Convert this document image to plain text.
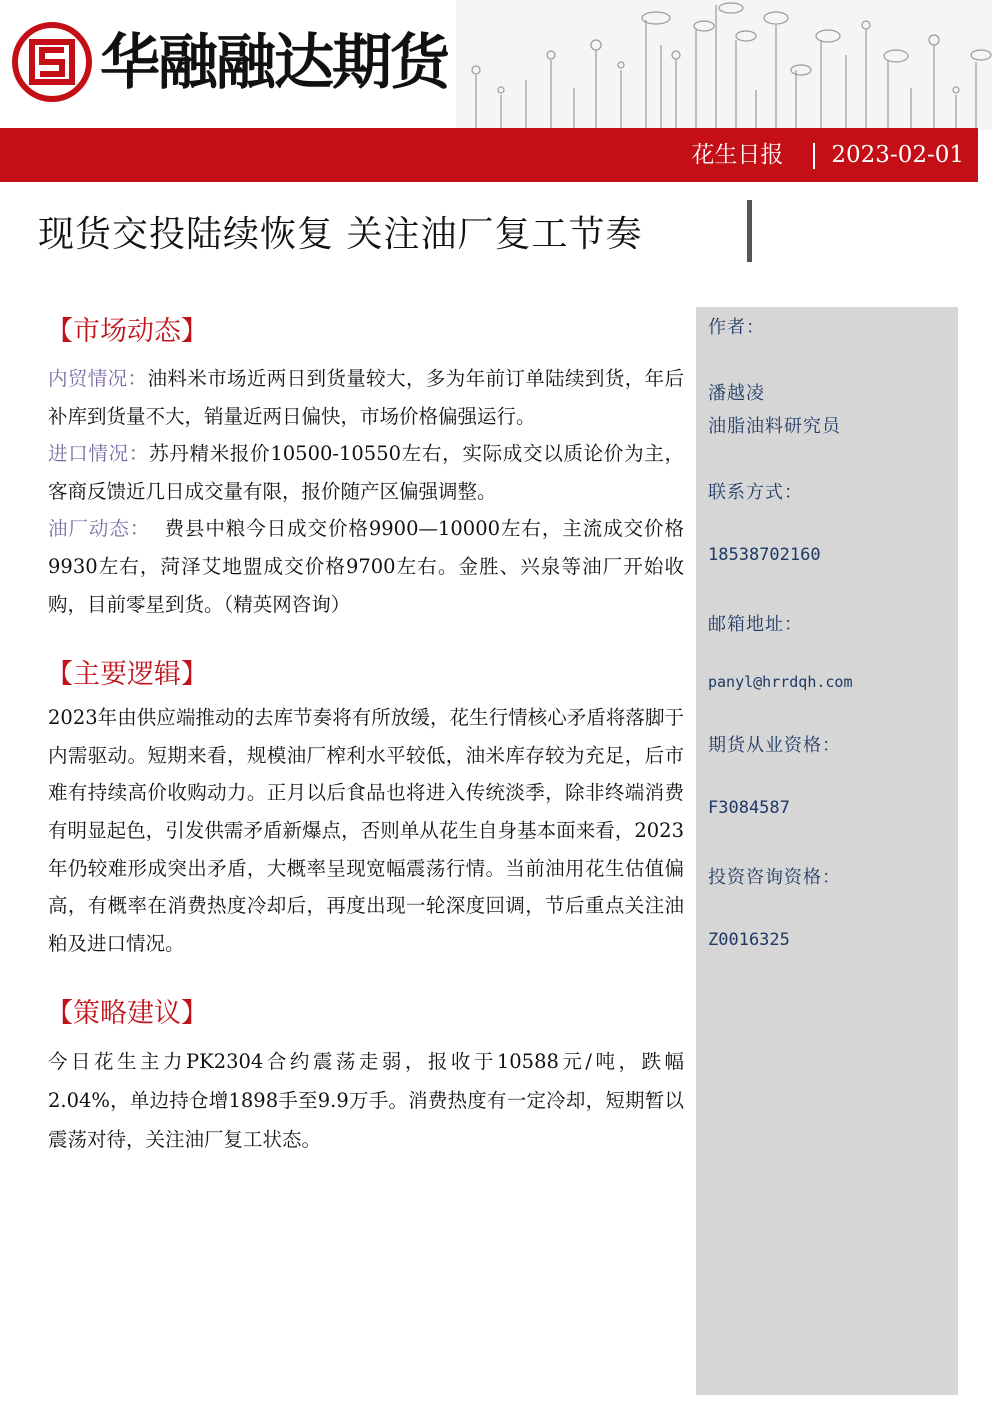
华融融达期货
花生日报 2023-02-01
现货交投陆续恢复 关注油厂复工节奏
【市场动态】

内贸情况：油料米市场近两日到货量较大，多为年前订单陆续到货，年后补库到货量不大，销量近两日偏快，市场价格偏强运行。

进口情况：苏丹精米报价10500-10550左右，实际成交以质论价为主，客商反馈近几日成交量有限，报价随产区偏强调整。

油厂动态：  费县中粮今日成交价格9900—10000左右，主流成交价格9930左右，菏泽艾地盟成交价格9700左右。金胜、兴泉等油厂开始收购，目前零星到货。（精英网咨询）

【主要逻辑】

2023年由供应端推动的去库节奏将有所放缓，花生行情核心矛盾将落脚于内需驱动。短期来看，规模油厂榨利水平较低，油米库存较为充足，后市难有持续高价收购动力。正月以后食品也将进入传统淡季，除非终端消费有明显起色，引发供需矛盾新爆点，否则单从花生自身基本面来看，2023年仍较难形成突出矛盾，大概率呈现宽幅震荡行情。当前油用花生估值偏高，有概率在消费热度冷却后，再度出现一轮深度回调，节后重点关注油粕及进口情况。

【策略建议】

今日花生主力PK2304合约震荡走弱，报收于10588元/吨，跌幅2.04%，单边持仓增1898手至9.9万手。消费热度有一定冷却，短期暂以震荡对待，关注油厂复工状态。

作者：
潘越凌
油脂油料研究员
联系方式：
18538702160
邮箱地址：
panyl@hrrdqh.com
期货从业资格：
F3084587
投资咨询资格：
Z0016325
